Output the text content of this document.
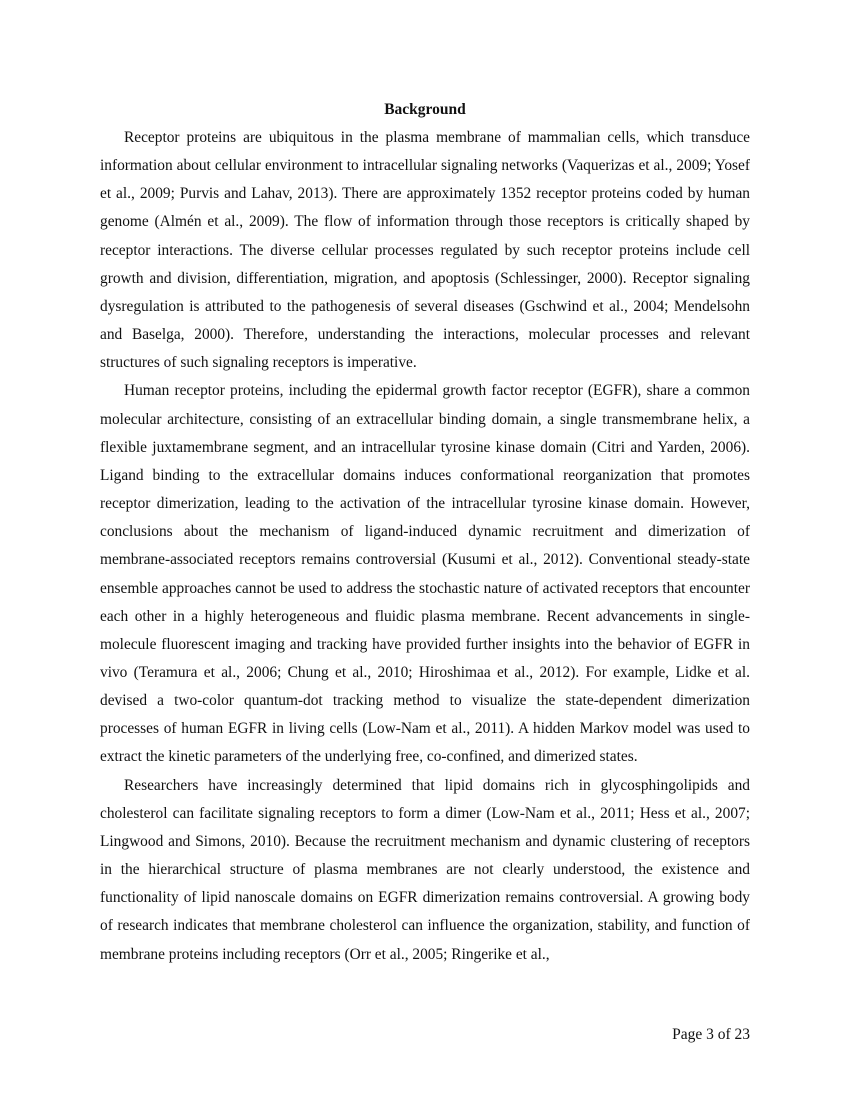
Background

Receptor proteins are ubiquitous in the plasma membrane of mammalian cells, which transduce information about cellular environment to intracellular signaling networks (Vaquerizas et al., 2009; Yosef et al., 2009; Purvis and Lahav, 2013). There are approximately 1352 receptor proteins coded by human genome (Almén et al., 2009). The flow of information through those receptors is critically shaped by receptor interactions. The diverse cellular processes regulated by such receptor proteins include cell growth and division, differentiation, migration, and apoptosis (Schlessinger, 2000). Receptor signaling dysregulation is attributed to the pathogenesis of several diseases (Gschwind et al., 2004; Mendelsohn and Baselga, 2000). Therefore, understanding the interactions, molecular processes and relevant structures of such signaling receptors is imperative.

Human receptor proteins, including the epidermal growth factor receptor (EGFR), share a common molecular architecture, consisting of an extracellular binding domain, a single transmembrane helix, a flexible juxtamembrane segment, and an intracellular tyrosine kinase domain (Citri and Yarden, 2006). Ligand binding to the extracellular domains induces conformational reorganization that promotes receptor dimerization, leading to the activation of the intracellular tyrosine kinase domain. However, conclusions about the mechanism of ligand-induced dynamic recruitment and dimerization of membrane-associated receptors remains controversial (Kusumi et al., 2012). Conventional steady-state ensemble approaches cannot be used to address the stochastic nature of activated receptors that encounter each other in a highly heterogeneous and fluidic plasma membrane. Recent advancements in single-molecule fluorescent imaging and tracking have provided further insights into the behavior of EGFR in vivo (Teramura et al., 2006; Chung et al., 2010; Hiroshimaa et al., 2012). For example, Lidke et al. devised a two-color quantum-dot tracking method to visualize the state-dependent dimerization processes of human EGFR in living cells (Low-Nam et al., 2011). A hidden Markov model was used to extract the kinetic parameters of the underlying free, co-confined, and dimerized states.

Researchers have increasingly determined that lipid domains rich in glycosphingolipids and cholesterol can facilitate signaling receptors to form a dimer (Low-Nam et al., 2011; Hess et al., 2007; Lingwood and Simons, 2010). Because the recruitment mechanism and dynamic clustering of receptors in the hierarchical structure of plasma membranes are not clearly understood, the existence and functionality of lipid nanoscale domains on EGFR dimerization remains controversial. A growing body of research indicates that membrane cholesterol can influence the organization, stability, and function of membrane proteins including receptors (Orr et al., 2005; Ringerike et al.,

Page 3 of 23
